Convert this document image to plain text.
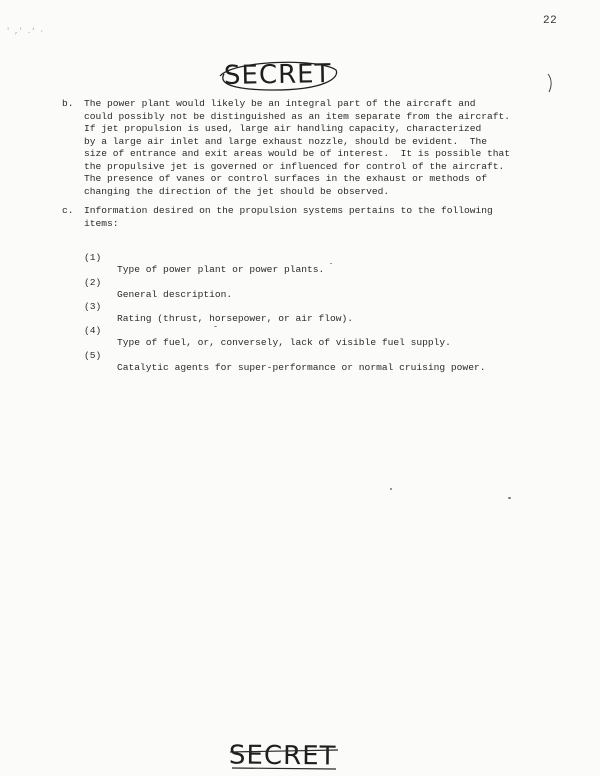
' ,’ .‘ ·
22
SECRET
b. The power plant would likely be an integral part of the aircraft and
could possibly not be distinguished as an item separate from the aircraft.
If jet propulsion is used, large air handling capacity, characterized
by a large air inlet and large exhaust nozzle, should be evident.  The
size of entrance and exit areas would be of interest.  It is possible that
the propulsive jet is governed or influenced for control of the aircraft.
The presence of vanes or control surfaces in the exhaust or methods of
changing the direction of the jet should be observed.
c. Information desired on the propulsion systems pertains to the following
items:

(1)

Type of power plant or power plants.

(2)

General description.

(3)

Rating (thrust, horsepower, or air flow).

(4)

Type of fuel, or, conversely, lack of visible fuel supply.

(5)

Catalytic agents for super-performance or normal cruising power.

SECRET
